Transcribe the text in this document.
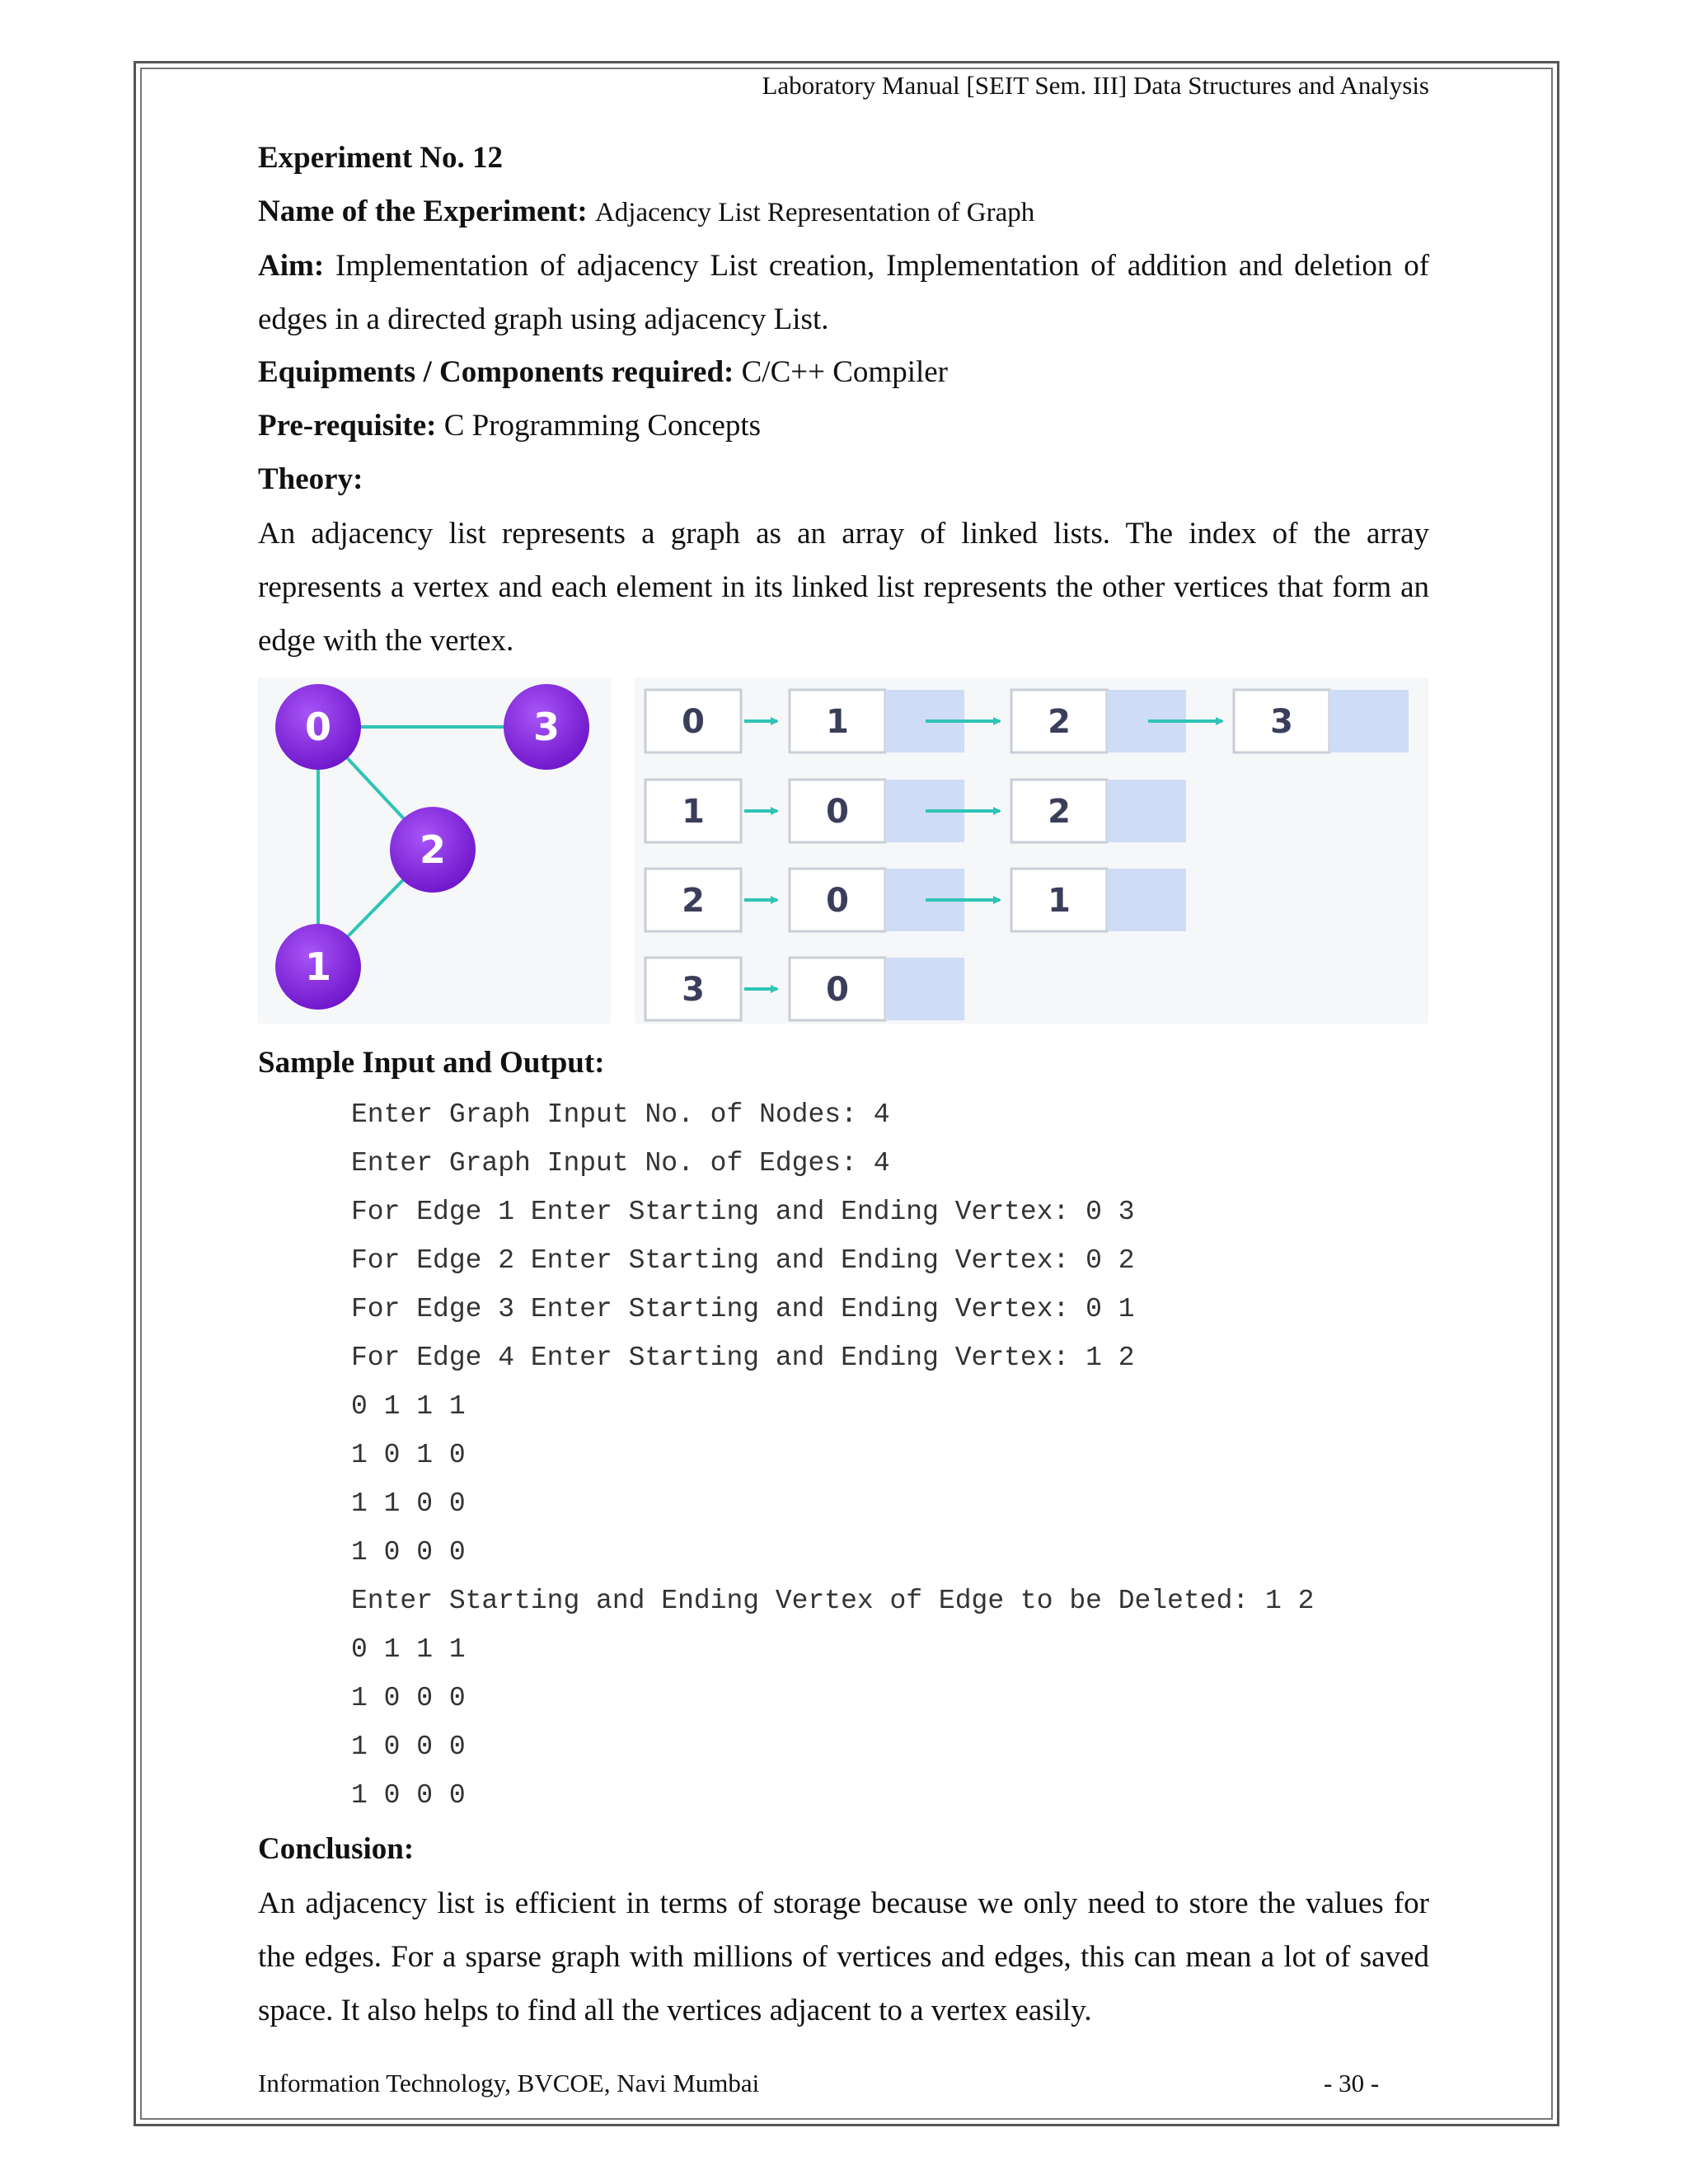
Laboratory Manual [SEIT Sem. III] Data Structures and Analysis
Experiment No. 12
Name of the Experiment: Adjacency List Representation of Graph
Aim: Implementation of adjacency List creation, Implementation of addition and deletion of edges in a directed graph using adjacency List.
Equipments / Components required: C/C++ Compiler
Pre-requisite: C Programming Concepts
Theory:
An adjacency list represents a graph as an array of linked lists. The index of the array represents a vertex and each element in its linked list represents the other vertices that form an edge with the vertex.
0	3
2
1
0	1	2	3
1	0	2
2	0	1
3	0
Sample Input and Output:
Enter Graph Input No. of Nodes: 4
Enter Graph Input No. of Edges: 4
For Edge 1 Enter Starting and Ending Vertex: 0 3
For Edge 2 Enter Starting and Ending Vertex: 0 2
For Edge 3 Enter Starting and Ending Vertex: 0 1
For Edge 4 Enter Starting and Ending Vertex: 1 2
0 1 1 1
1 0 1 0
1 1 0 0
1 0 0 0
Enter Starting and Ending Vertex of Edge to be Deleted: 1 2
0 1 1 1
1 0 0 0
1 0 0 0
1 0 0 0
Conclusion:
An adjacency list is efficient in terms of storage because we only need to store the values for the edges. For a sparse graph with millions of vertices and edges, this can mean a lot of saved space. It also helps to find all the vertices adjacent to a vertex easily.
Information Technology, BVCOE, Navi Mumbai	- 30 -
